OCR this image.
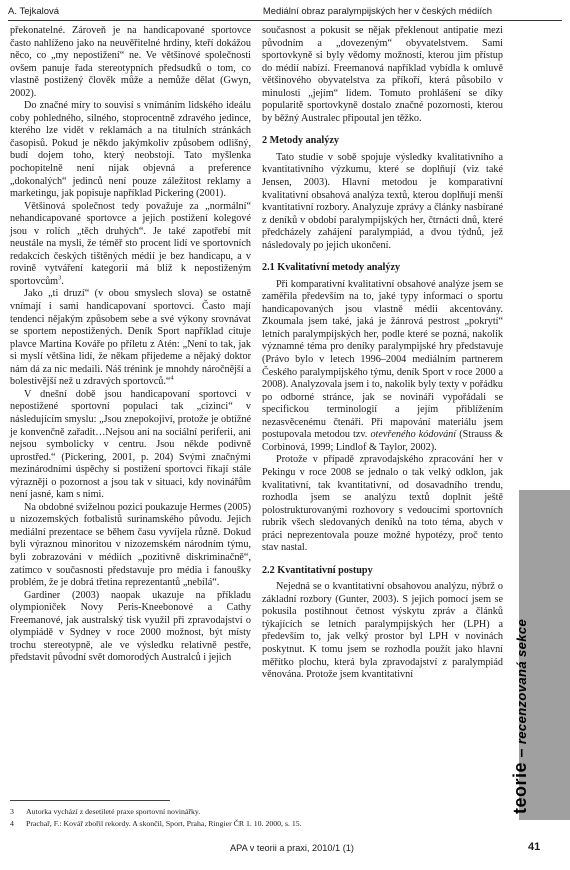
A. Tejkalová	Mediální obraz paralympijských her v českých médiích

překonatelné. Zároveň je na handicapované sportovce často nahlíženo jako na neuvěřitelné hrdiny, kteří dokážou něco, co „my nepostižení“ ne. Ve většinové společnosti ovšem panuje řada stereotypních předsudků o tom, co vlastně postižený člověk může a nemůže dělat (Gwyn, 2002).

Do značné míry to souvisí s vnímáním lidského ideálu coby pohledného, silného, stoprocentně zdravého jedince, kterého lze vidět v reklamách a na titulních stránkách časopisů. Pokud je někdo jakýmkoliv způsobem odlišný, budí dojem toho, který neobstojí. Tato myšlenka pochopitelně není nijak objevná a preference „dokonalých“ jedinců není pouze záležitost reklamy a marketingu, jak popisuje například Pickering (2001).

Většinová společnost tedy považuje za „normální“ nehandicapované sportovce a jejich postižení kolegové jsou v rolích „těch druhých“. Je také zapotřebí mít neustále na mysli, že téměř sto procent lidí ve sportovních redakcích českých tištěných médií je bez handicapu, a v rovině vytváření kategorií má blíž k nepostiženým sportovcům$^3$.

Jako „ti druzí“ (v obou smyslech slova) se ostatně vnímají i sami handicapovaní sportovci. Často mají tendenci nějakým způsobem sebe a své výkony srovnávat se sportem nepostižených. Deník Sport například cituje plavce Martina Kováře po příletu z Atén: „Není to tak, jak si myslí většina lidí, že někam přijedeme a nějaký doktor nám dá za nic medaili. Náš trénink je mnohdy náročnější a bolestivější než u zdravých sportovců.“$^4$

V dnešní době jsou handicapovaní sportovci v nepostižené sportovní populaci tak „cizinci“ v následujícím smyslu: „Jsou znepokojiví, protože je obtížné je konvenčně zařadit…Nejsou ani na sociální periferii, ani nejsou symbolicky v centru. Jsou někde podivně uprostřed.“ (Pickering, 2001, p. 204) Svými značnými mezinárodními úspěchy si postižení sportovci říkají stále výrazněji o pozornost a jsou tak v situaci, kdy novinářům není jasné, kam s nimi.

Na obdobné sviželnou pozici poukazuje Hermes (2005) u nizozemských fotbalistů surinamského původu. Jejich mediální prezentace se během času vyvíjela různě. Dokud byli výraznou minoritou v nizozemském národním týmu, byli zobrazováni v médiích „pozitivně diskriminačně“, zatímco v současnosti představuje pro média i fanoušky problém, že je dobrá třetina reprezentantů „nebílá“.

Gardiner (2003) naopak ukazuje na příkladu olympioniček Novy Peris-Kneebonové a Cathy Freemanové, jak australský tisk využil při zpravodajství o olympiádě v Sydney v roce 2000 možnost, být místy trochu stereotypně, ale ve výsledku relativně pestře, představit původní svět domorodých Australců i jejich

současnost a pokusit se nějak překlenout antipatie mezi původním a „dovezeným“ obyvatelstvem. Sami sportovkyně si byly vědomy možností, kterou jim přístup do médií nabízí. Freemanová například vybídla k omluvě většinového obyvatelstva za příkoří, která působilo v minulosti „jejím“ lidem. Tomuto prohlášení se díky popularitě sportovkyně dostalo značné pozornosti, kterou by běžný Australec připoutal jen těžko.

2 Metody analýzy

Tato studie v sobě spojuje výsledky kvalitativního a kvantitativního výzkumu, které se doplňují (viz také Jensen, 2003). Hlavní metodou je komparativní kvalitativní obsahová analýza textů, kterou doplňují menší kvantitativní rozbory. Analyzuje zprávy a články nasbírané z deníků v období paralympijských her, čtrnácti dnů, které předcházely zahájení paralympiád, a dvou týdnů, jež následovaly po jejich ukončení.

2.1 Kvalitativní metody analýzy

Při komparativní kvalitativní obsahové analýze jsem se zaměřila především na to, jaké typy informací o sportu handicapovaných jsou vlastně médii akcentovány. Zkoumala jsem také, jaká je žánrová pestrost „pokrytí“ letních paralympijských her, podle které se pozná, nakolik významné téma pro deníky paralympijské hry představuje (Právo bylo v letech 1996–2004 mediálním partnerem Českého paralympijského týmu, deník Sport v roce 2000 a 2008). Analyzovala jsem i to, nakolik byly texty v pořádku po odborné stránce, jak se novináři vypořádali se specifickou terminologií a jejím přiblížením nezasvěcenému čtenáři. Při mapování materiálu jsem postupovala metodou tzv. otevřeného kódování (Strauss & Corbinová, 1999; Lindlof & Taylor, 2002).

Protože v případě zpravodajského zpracování her v Pekingu v roce 2008 se jednalo o tak velký odklon, jak kvalitativní, tak kvantitativní, od dosavadního trendu, rozhodla jsem se analýzu textů doplnit ještě polostrukturovanými rozhovory s vedoucími sportovních rubrik všech sledovaných deníků na toto téma, abych v práci neprezentovala pouze možné hypotézy, proč tento stav nastal.

2.2 Kvantitativní postupy

Nejedná se o kvantitativní obsahovou analýzu, nýbrž o základní rozbory (Gunter, 2003). S jejich pomocí jsem se pokusila postihnout četnost výskytu zpráv a článků týkajících se letních paralympijských her (LPH) a především to, jak velký prostor byl LPH v novinách poskytnut. K tomu jsem se rozhodla použít jako hlavní měřítko plochu, která byla zpravodajství z paralympiád věnována. Protože jsem kvantitativní

3	Autorka vychází z desetileté praxe sportovní novinářky.
4	Prachař, F.: Kovář zbořil rekordy. A skončil, Sport, Praha, Ringier ČR 1. 10. 2000, s. 15.
teorie – recenzovaná sekce
APA v teorii a praxi, 2010/1 (1)	41
